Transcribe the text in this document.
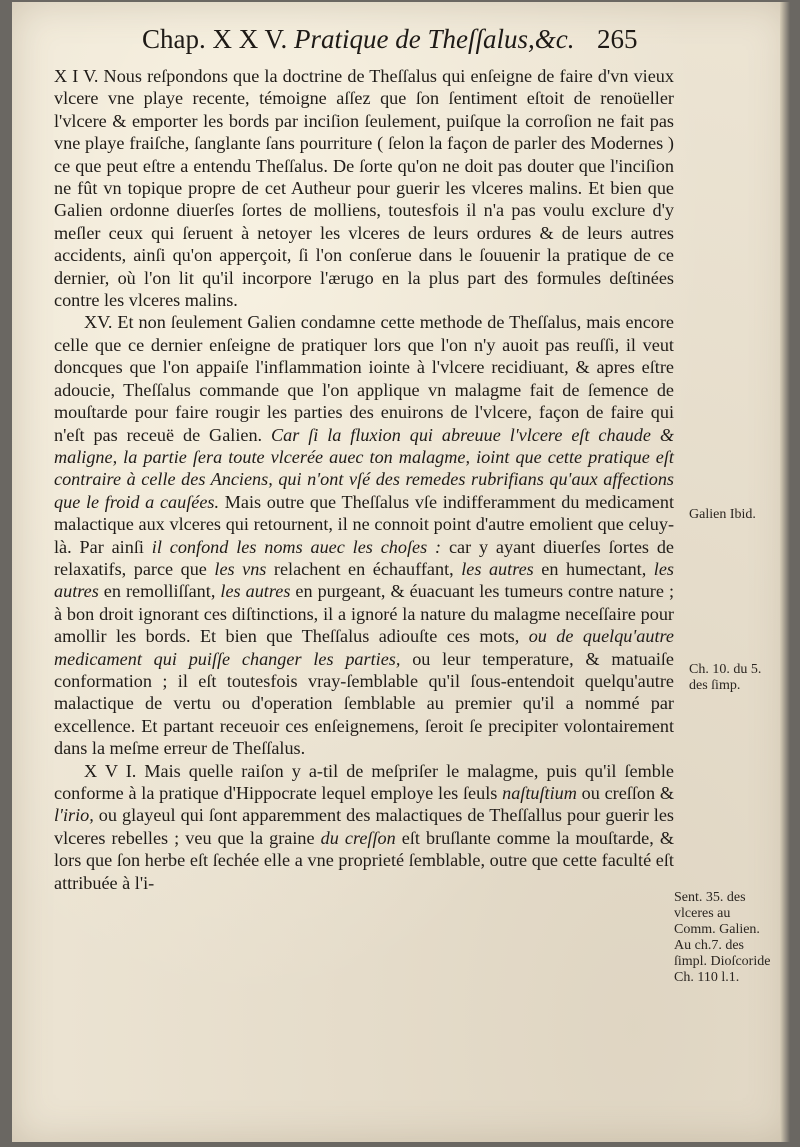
Chap. X X V. Pratique de Theſſalus,&c. 265

X I V. Nous reſpondons que la doctrine de Theſſalus qui enſeigne de faire d'vn vieux vlcere vne playe recente, témoigne aſſez que ſon ſentiment eſtoit de renoüeller l'vlcere & emporter les bords par inciſion ſeulement, puiſque la corroſion ne fait pas vne playe fraiſche, ſanglante ſans pourriture ( ſelon la façon de parler des Modernes ) ce que peut eſtre a entendu Theſſalus. De ſorte qu'on ne doit pas douter que l'inciſion ne fût vn topique propre de cet Autheur pour guerir les vlceres malins. Et bien que Galien ordonne diuerſes ſortes de molliens, toutesfois il n'a pas voulu exclure d'y meſler ceux qui ſeruent à netoyer les vlceres de leurs ordures & de leurs autres accidents, ainſi qu'on apperçoit, ſi l'on conſerue dans le ſouuenir la pratique de ce dernier, où l'on lit qu'il incorpore l'ærugo en la plus part des formules deſtinées contre les vlceres malins.

XV. Et non ſeulement Galien condamne cette methode de Theſſalus, mais encore celle que ce dernier enſeigne de pratiquer lors que l'on n'y auoit pas reuſſi, il veut doncques que l'on appaiſe l'inflammation iointe à l'vlcere recidiuant, & apres eſtre adoucie, Theſſalus commande que l'on applique vn malagme fait de ſemence de mouſtarde pour faire rougir les parties des enuirons de l'vlcere, façon de faire qui n'eſt pas receuë de Galien. Car ſi la fluxion qui abreuue l'vlcere eſt chaude & maligne, la partie ſera toute vlcerée auec ton malagme, ioint que cette pratique eſt contraire à celle des Anciens, qui n'ont vſé des remedes rubrifians qu'aux affections que le froid a cauſées. Mais outre que Theſſalus vſe indifferamment du medicament malactique aux vlceres qui retournent, il ne connoit point d'autre emolient que celuy-là. Par ainſi il confond les noms auec les choſes : car y ayant diuerſes ſortes de relaxatifs, parce que les vns relachent en échauffant, les autres en humectant, les autres en remolliſſant, les autres en purgeant, & éuacuant les tumeurs contre nature ; à bon droit ignorant ces diſtinctions, il a ignoré la nature du malagme neceſſaire pour amollir les bords. Et bien que Theſſalus adiouſte ces mots, ou de quelqu'autre medicament qui puiſſe changer les parties, ou leur temperature, & matuaiſe conformation ; il eſt toutesfois vray-ſemblable qu'il ſous-entendoit quelqu'autre malactique de vertu ou d'operation ſemblable au premier qu'il a nommé par excellence. Et partant receuoir ces enſeignemens, ſeroit ſe precipiter volontairement dans la meſme erreur de Theſſalus.

X V I. Mais quelle raiſon y a-til de meſpriſer le malagme, puis qu'il ſemble conforme à la pratique d'Hippocrate lequel employe les ſeuls naſtuſtium ou creſſon & l'irio, ou glayeul qui ſont apparemment des malactiques de Theſſallus pour guerir les vlceres rebelles ; veu que la graine du creſſon eſt bruſlante comme la mouſtarde, & lors que ſon herbe eſt ſechée elle a vne proprieté ſemblable, outre que cette faculté eſt attribuée à l'i-

Galien Ibid.
Ch. 10. du 5. des ſimp.
Sent. 35. des vlceres au Comm. Galien. Au ch.7. des ſimpl. Dioſcoride Ch. 110 l.1.
